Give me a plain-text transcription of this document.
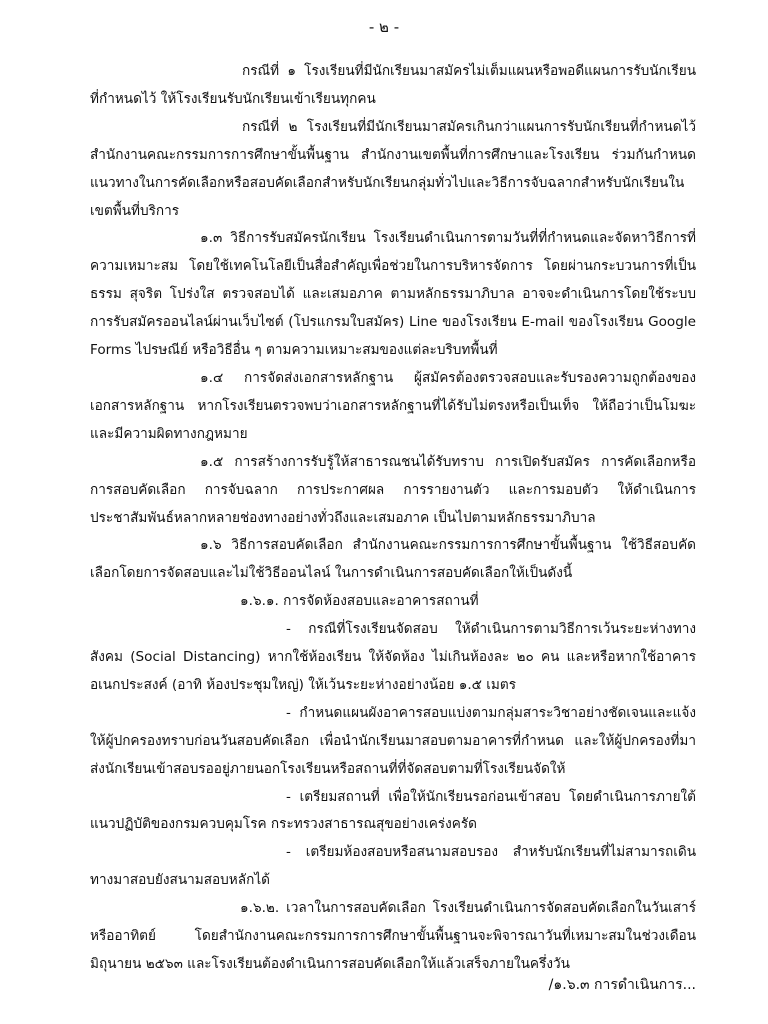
- ๒ -

กรณีที่ ๑ โรงเรียนที่มีนักเรียนมาสมัครไม่เต็มแผนหรือพอดีแผนการรับนักเรียนที่กำหนดไว้ ให้โรงเรียนรับนักเรียนเข้าเรียนทุกคน

กรณีที่ ๒ โรงเรียนที่มีนักเรียนมาสมัครเกินกว่าแผนการรับนักเรียนที่กำหนดไว้ สำนักงานคณะกรรมการการศึกษาขั้นพื้นฐาน สำนักงานเขตพื้นที่การศึกษาและโรงเรียน ร่วมกันกำหนดแนวทางในการคัดเลือกหรือสอบคัดเลือกสำหรับนักเรียนกลุ่มทั่วไปและวิธีการจับฉลากสำหรับนักเรียนในเขตพื้นที่บริการ

๑.๓ วิธีการรับสมัครนักเรียน โรงเรียนดำเนินการตามวันที่ที่กำหนดและจัดหาวิธีการที่ความเหมาะสม โดยใช้เทคโนโลยีเป็นสื่อสำคัญเพื่อช่วยในการบริหารจัดการ โดยผ่านกระบวนการที่เป็นธรรม สุจริต โปร่งใส ตรวจสอบได้ และเสมอภาค ตามหลักธรรมาภิบาล อาจจะดำเนินการโดยใช้ระบบการรับสมัครออนไลน์ผ่านเว็บไซต์ (โปรแกรมใบสมัคร) Line ของโรงเรียน E-mail ของโรงเรียน Google Forms ไปรษณีย์ หรือวิธีอื่น ๆ ตามความเหมาะสมของแต่ละบริบทพื้นที่

๑.๔ การจัดส่งเอกสารหลักฐาน ผู้สมัครต้องตรวจสอบและรับรองความถูกต้องของเอกสารหลักฐาน หากโรงเรียนตรวจพบว่าเอกสารหลักฐานที่ได้รับไม่ตรงหรือเป็นเท็จ ให้ถือว่าเป็นโมฆะและมีความผิดทางกฎหมาย

๑.๕ การสร้างการรับรู้ให้สาธารณชนได้รับทราบ การเปิดรับสมัคร การคัดเลือกหรือการสอบคัดเลือก การจับฉลาก การประกาศผล การรายงานตัว และการมอบตัว ให้ดำเนินการประชาสัมพันธ์หลากหลายช่องทางอย่างทั่วถึงและเสมอภาค เป็นไปตามหลักธรรมาภิบาล

๑.๖ วิธีการสอบคัดเลือก สำนักงานคณะกรรมการการศึกษาขั้นพื้นฐาน ใช้วิธีสอบคัดเลือกโดยการจัดสอบและไม่ใช้วิธีออนไลน์ ในการดำเนินการสอบคัดเลือกให้เป็นดังนี้

๑.๖.๑. การจัดห้องสอบและอาคารสถานที่

- กรณีที่โรงเรียนจัดสอบ ให้ดำเนินการตามวิธีการเว้นระยะห่างทางสังคม (Social Distancing) หากใช้ห้องเรียน ให้จัดห้อง ไม่เกินห้องละ ๒๐ คน และหรือหากใช้อาคารอเนกประสงค์ (อาทิ ห้องประชุมใหญ่) ให้เว้นระยะห่างอย่างน้อย ๑.๕ เมตร

- กำหนดแผนผังอาคารสอบแบ่งตามกลุ่มสาระวิชาอย่างชัดเจนและแจ้งให้ผู้ปกครองทราบก่อนวันสอบคัดเลือก เพื่อนำนักเรียนมาสอบตามอาคารที่กำหนด และให้ผู้ปกครองที่มาส่งนักเรียนเข้าสอบรออยู่ภายนอกโรงเรียนหรือสถานที่ที่จัดสอบตามที่โรงเรียนจัดให้

- เตรียมสถานที่ เพื่อให้นักเรียนรอก่อนเข้าสอบ โดยดำเนินการภายใต้แนวปฏิบัติของกรมควบคุมโรค กระทรวงสาธารณสุขอย่างเคร่งครัด

- เตรียมห้องสอบหรือสนามสอบรอง สำหรับนักเรียนที่ไม่สามารถเดินทางมาสอบยังสนามสอบหลักได้

๑.๖.๒. เวลาในการสอบคัดเลือก โรงเรียนดำเนินการจัดสอบคัดเลือกในวันเสาร์หรืออาทิตย์ โดยสำนักงานคณะกรรมการการศึกษาขั้นพื้นฐานจะพิจารณาวันที่เหมาะสมในช่วงเดือนมิถุนายน ๒๕๖๓ และโรงเรียนต้องดำเนินการสอบคัดเลือกให้แล้วเสร็จภายในครึ่งวัน

/๑.๖.๓ การดำเนินการ...
